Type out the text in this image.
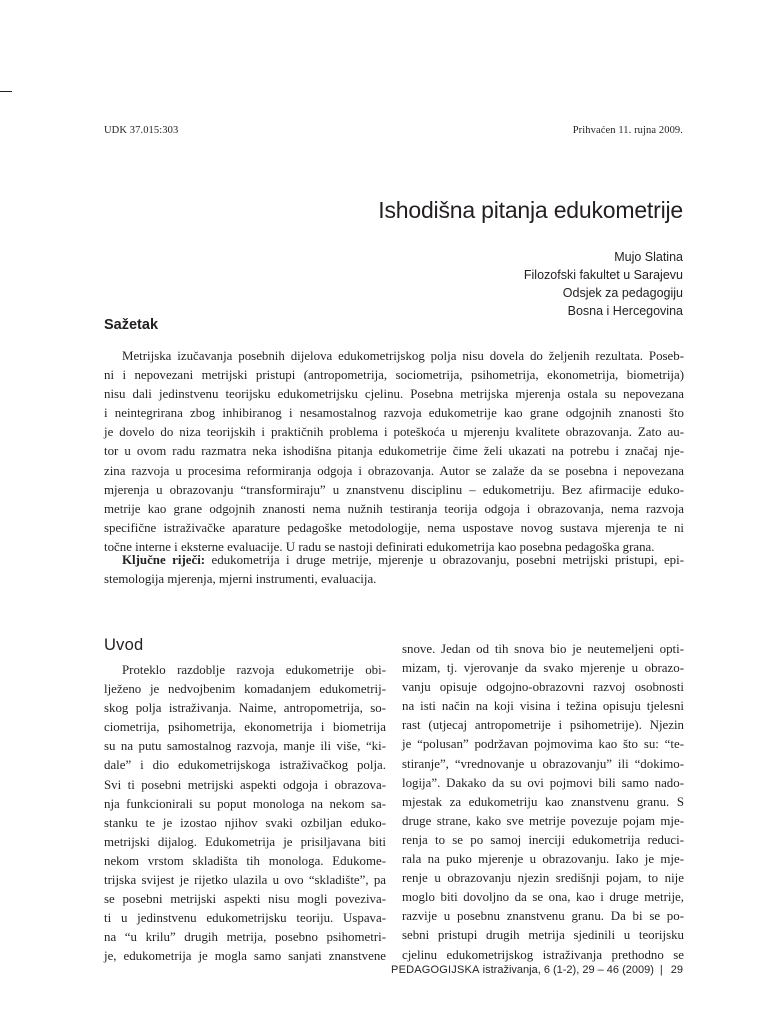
UDK 37.015:303	Prihvaćen 11. rujna 2009.
Ishodišna pitanja edukometrije
Mujo Slatina
Filozofski fakultet u Sarajevu
Odsjek za pedagogiju
Bosna i Hercegovina
Sažetak
Metrijska izučavanja posebnih dijelova edukometrijskog polja nisu dovela do željenih rezultata. Poseb-
ni i nepovezani metrijski pristupi (antropometrija, sociometrija, psihometrija, ekonometrija, biometrija)
nisu dali jedinstvenu teorijsku edukometrijsku cjelinu. Posebna metrijska mjerenja ostala su nepovezana
i neintegrirana zbog inhibiranog i nesamostalnog razvoja edukometrije kao grane odgojnih znanosti što
je dovelo do niza teorijskih i praktičnih problema i poteškoća u mjerenju kvalitete obrazovanja. Zato au-
tor u ovom radu razmatra neka ishodišna pitanja edukometrije čime želi ukazati na potrebu i značaj nje-
zina razvoja u procesima reformiranja odgoja i obrazovanja. Autor se zalaže da se posebna i nepovezana
mjerenja u obrazovanju “transformiraju” u znanstvenu disciplinu – edukometriju. Bez afirmacije eduko-
metrije kao grane odgojnih znanosti nema nužnih testiranja teorija odgoja i obrazovanja, nema razvoja
specifične istraživačke aparature pedagoške metodologije, nema uspostave novog sustava mjerenja te ni
točne interne i eksterne evaluacije. U radu se nastoji definirati edukometrija kao posebna pedagoška grana.
Ključne riječi: edukometrija i druge metrije, mjerenje u obrazovanju, posebni metrijski pristupi, epi-
stemologija mjerenja, mjerni instrumenti, evaluacija.
Uvod
Proteklo razdoblje razvoja edukometrije obi-
lježeno je nedvojbenim komadanjem edukometrij-
skog polja istraživanja. Naime, antropometrija, so-
ciometrija, psihometrija, ekonometrija i biometrija
su na putu samostalnog razvoja, manje ili više, “ki-
dale” i dio edukometrijskoga istraživačkog polja.
Svi ti posebni metrijski aspekti odgoja i obrazova-
nja funkcionirali su poput monologa na nekom sa-
stanku te je izostao njihov svaki ozbiljan eduko-
metrijski dijalog. Edukometrija je prisiljavana biti
nekom vrstom skladišta tih monologa. Edukome-
trijska svijest je rijetko ulazila u ovo “skladište”, pa
se posebni metrijski aspekti nisu mogli poveziva-
ti u jedinstvenu edukometrijsku teoriju. Uspava-
na “u krilu” drugih metrija, posebno psihometri-
je, edukometrija je mogla samo sanjati znanstvene
snove. Jedan od tih snova bio je neutemeljeni opti-
mizam, tj. vjerovanje da svako mjerenje u obrazo-
vanju opisuje odgojno-obrazovni razvoj osobnosti
na isti način na koji visina i težina opisuju tjelesni
rast (utjecaj antropometrije i psihometrije). Njezin
je “polusan” podržavan pojmovima kao što su: “te-
stiranje”, “vrednovanje u obrazovanju” ili “dokimo-
logija”. Dakako da su ovi pojmovi bili samo nado-
mjestak za edukometriju kao znanstvenu granu. S
druge strane, kako sve metrije povezuje pojam mje-
renja to se po samoj inerciji edukometrija reduci-
rala na puko mjerenje u obrazovanju. Iako je mje-
renje u obrazovanju njezin središnji pojam, to nije
moglo biti dovoljno da se ona, kao i druge metrije,
razvije u posebnu znanstvenu granu. Da bi se po-
sebni pristupi drugih metrija sjedinili u teorijsku
cjelinu edukometrijskog istraživanja prethodno se
PEDAGOGIJSKA istraživanja, 6 (1-2), 29 – 46 (2009) | 29
